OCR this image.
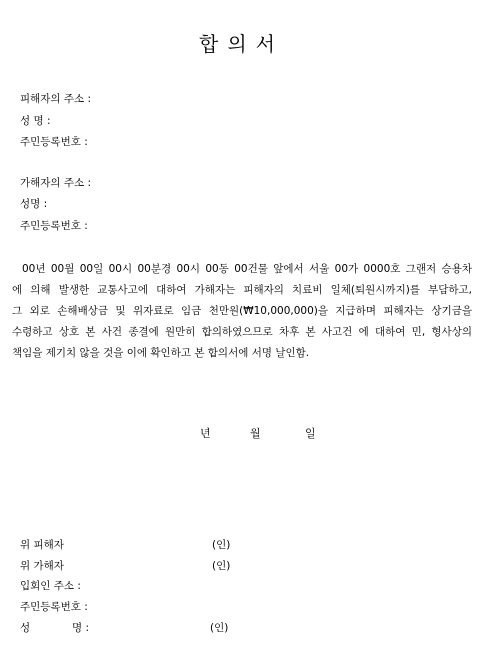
합의서
피해자의 주소 :
성 명 :
주민등록번호 :
가해자의 주소 :
성명 :
주민등록번호 :
00년 00월 00일 00시 00분경 00시 00동 00건물 앞에서 서울 00가 0000호 그랜저 승용차
에 의해 발생한 교통사고에 대하여 가해자는 피해자의 치료비 일체(퇴원시까지)를 부담하고,
그 외로 손해배상금 및 위자료로 임금 천만원(₩10,000,000)을 지급하며 피해자는 상기금을
수령하고 상호 본 사건 종결에 원만히 합의하였으므로 차후 본 사고건 에 대하여 민, 형사상의
책임을 제기치 않을 것을 이에 확인하고 본 합의서에 서명 날인함.
년	월	일
위 피해자	(인)
위 가해자	(인)
입회인 주소 :
주민등록번호 :
성	명 :	(인)
